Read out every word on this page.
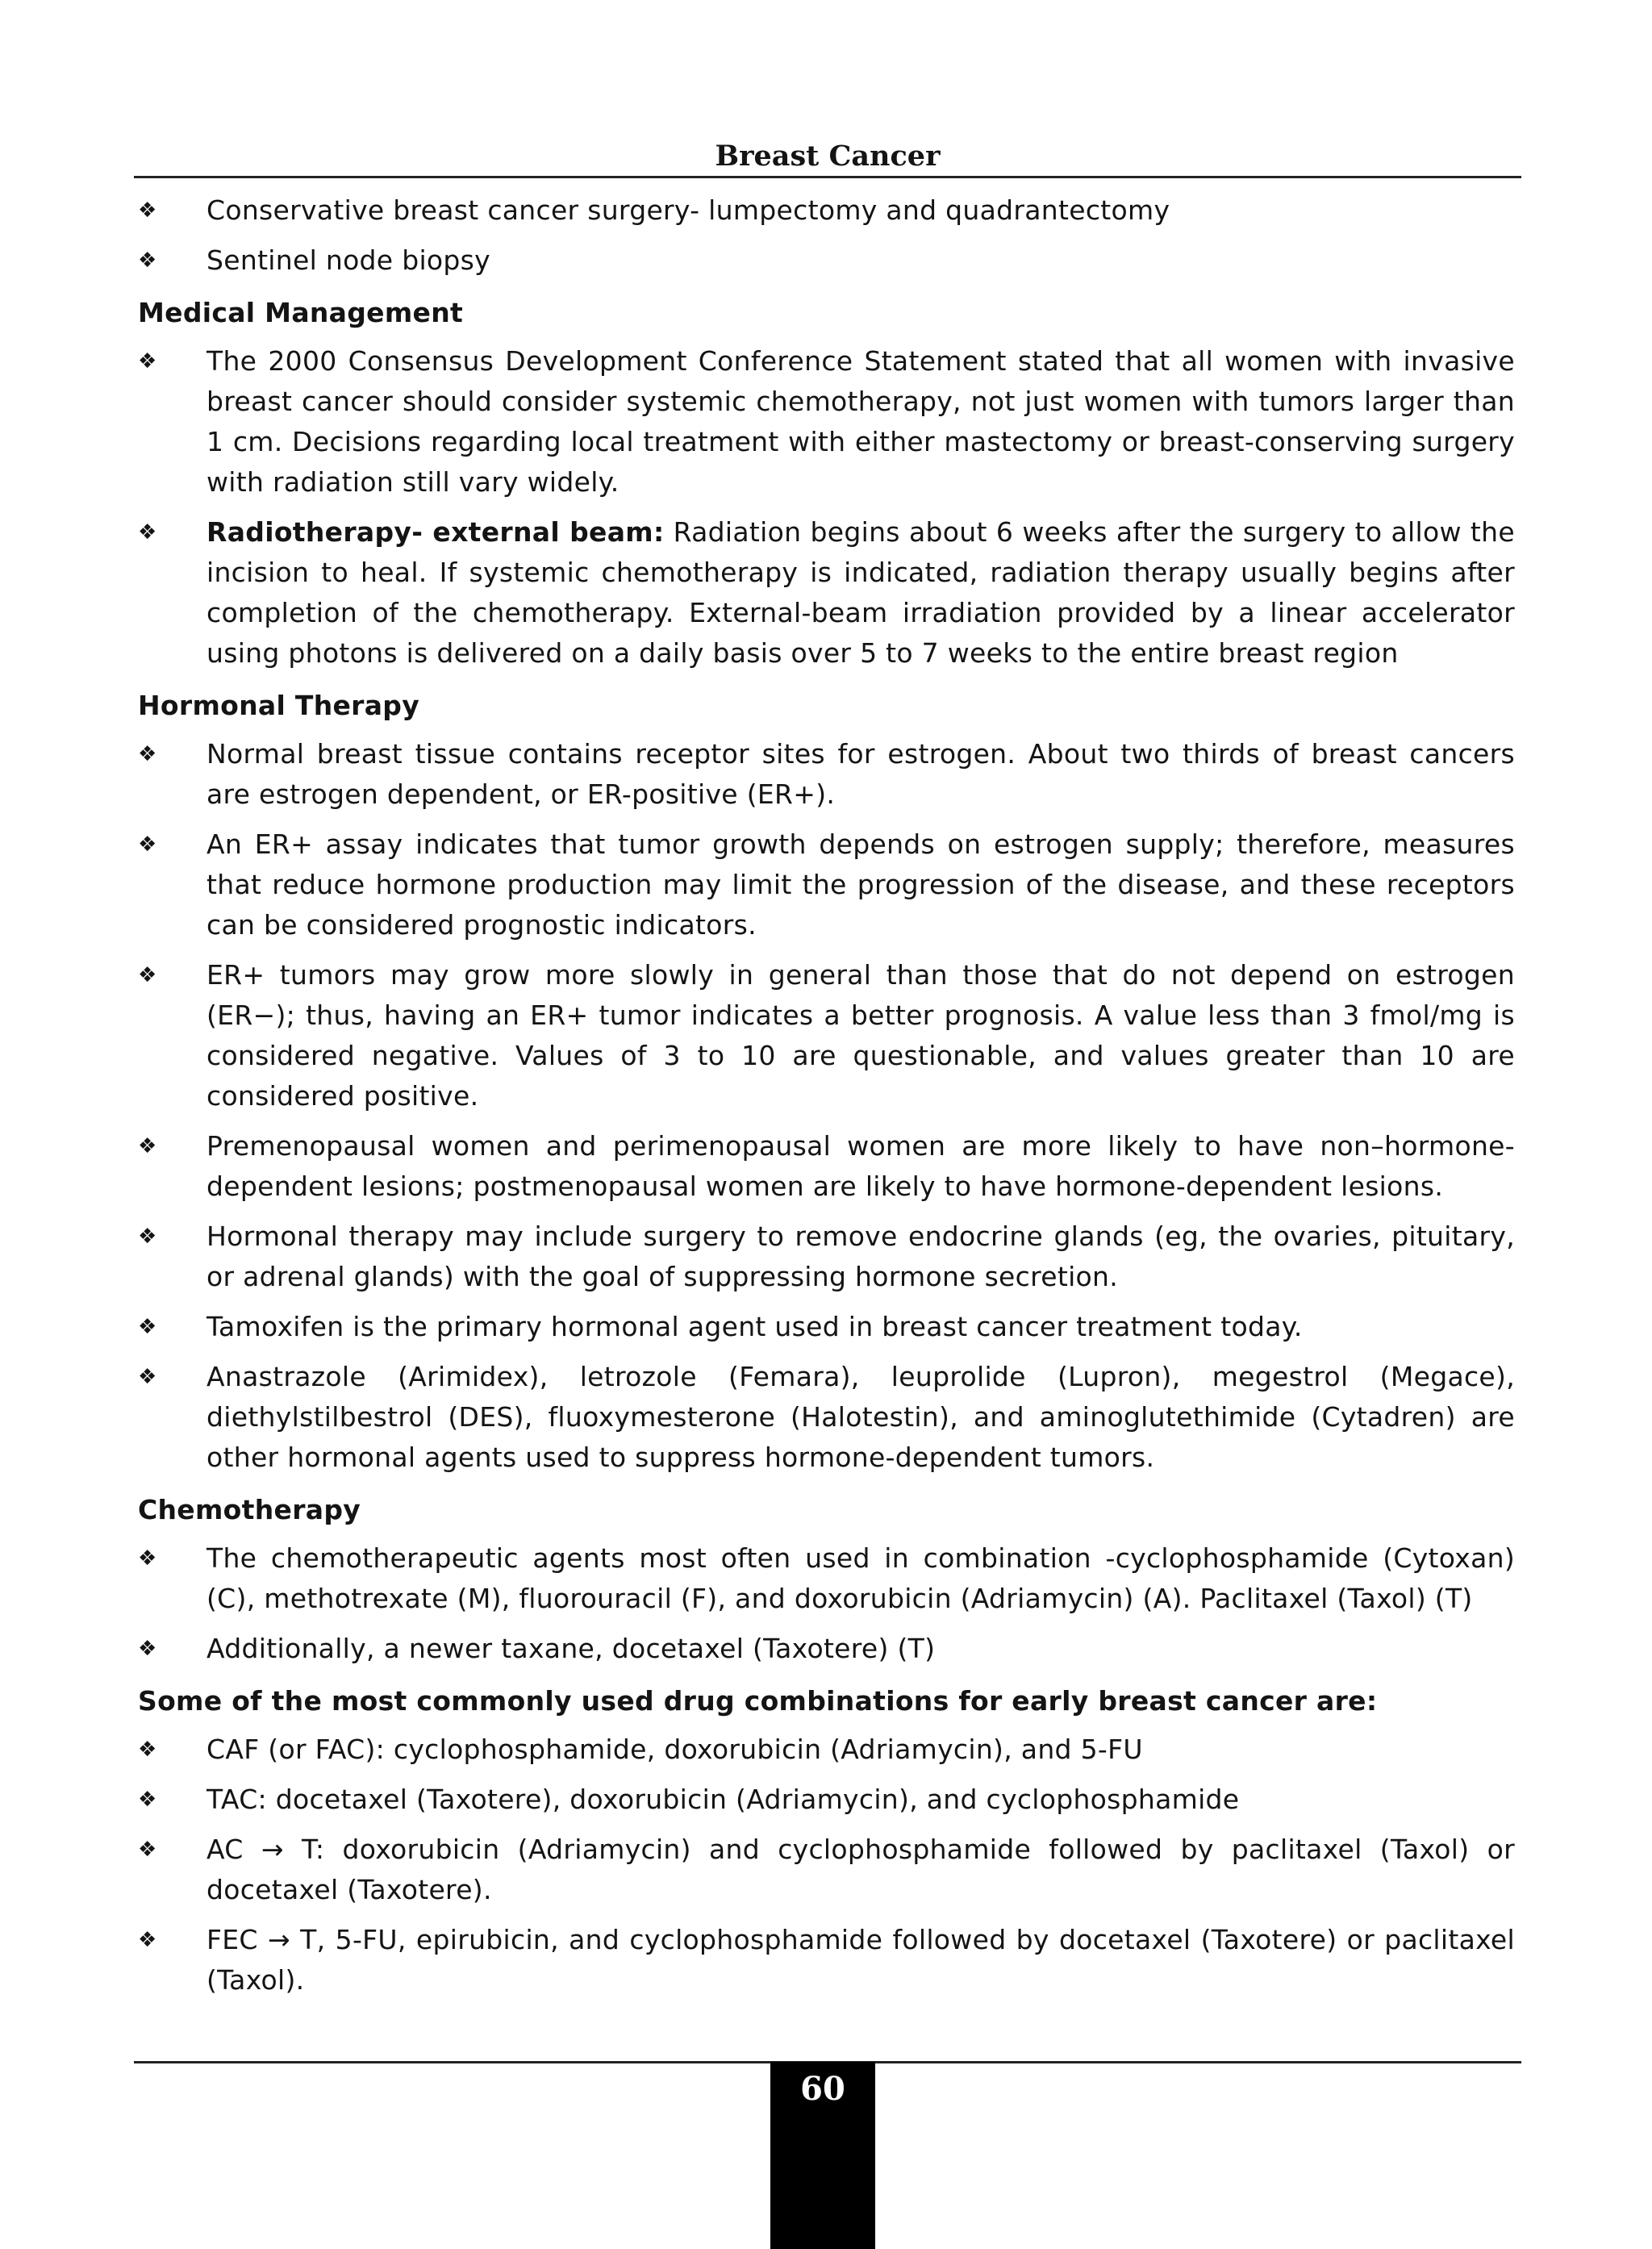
Breast Cancer
❖	Conservative breast cancer surgery- lumpectomy and quadrantectomy
❖	Sentinel node biopsy
Medical Management
❖	The 2000 Consensus Development Conference Statement stated that all women with invasive breast cancer should consider systemic chemotherapy, not just women with tumors larger than 1 cm. Decisions regarding local treatment with either mastectomy or breast-conserving surgery with radiation still vary widely.
❖	Radiotherapy- external beam: Radiation begins about 6 weeks after the surgery to allow the incision to heal. If systemic chemotherapy is indicated, radiation therapy usually begins after completion of the chemotherapy. External-beam irradiation provided by a linear accelerator using photons is delivered on a daily basis over 5 to 7 weeks to the entire breast region
Hormonal Therapy
❖	Normal breast tissue contains receptor sites for estrogen. About two thirds of breast cancers are estrogen dependent, or ER-positive (ER+).
❖	An ER+ assay indicates that tumor growth depends on estrogen supply; therefore, measures that reduce hormone production may limit the progression of the disease, and these receptors can be considered prognostic indicators.
❖	ER+ tumors may grow more slowly in general than those that do not depend on estrogen (ER−); thus, having an ER+ tumor indicates a better prognosis. A value less than 3 fmol/mg is considered negative. Values of 3 to 10 are questionable, and values greater than 10 are considered positive.
❖	Premenopausal women and perimenopausal women are more likely to have non–hormone-dependent lesions; postmenopausal women are likely to have hormone-dependent lesions.
❖	Hormonal therapy may include surgery to remove endocrine glands (eg, the ovaries, pituitary, or adrenal glands) with the goal of suppressing hormone secretion.
❖	Tamoxifen is the primary hormonal agent used in breast cancer treatment today.
❖	Anastrazole (Arimidex), letrozole (Femara), leuprolide (Lupron), megestrol (Megace), diethylstilbestrol (DES), fluoxymesterone (Halotestin), and aminoglutethimide (Cytadren) are other hormonal agents used to suppress hormone-dependent tumors.
Chemotherapy
❖	The chemotherapeutic agents most often used in combination -cyclophosphamide (Cytoxan) (C), methotrexate (M), fluorouracil (F), and doxorubicin (Adriamycin) (A). Paclitaxel (Taxol) (T)
❖	Additionally, a newer taxane, docetaxel (Taxotere) (T)
Some of the most commonly used drug combinations for early breast cancer are:
❖	CAF (or FAC): cyclophosphamide, doxorubicin (Adriamycin), and 5-FU
❖	TAC: docetaxel (Taxotere), doxorubicin (Adriamycin), and cyclophosphamide
❖	AC → T: doxorubicin (Adriamycin) and cyclophosphamide followed by paclitaxel (Taxol) or docetaxel (Taxotere).
❖	FEC → T, 5-FU, epirubicin, and cyclophosphamide followed by docetaxel (Taxotere) or paclitaxel (Taxol).
60
